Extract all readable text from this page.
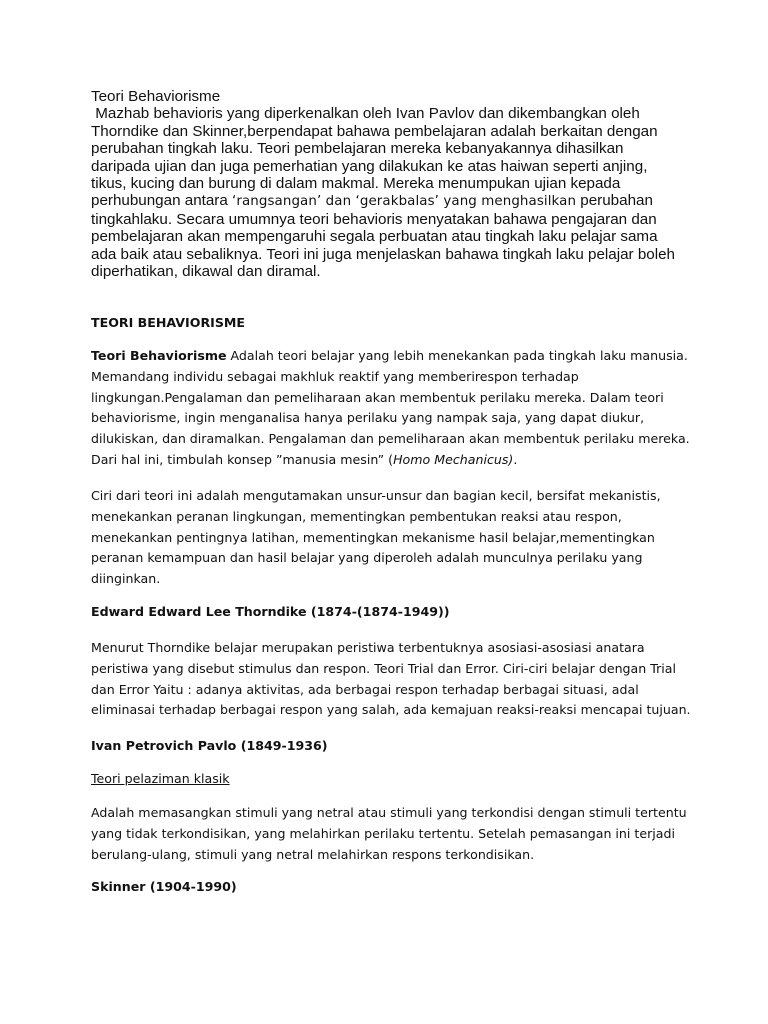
Teori Behaviorisme
Mazhab behavioris yang diperkenalkan oleh Ivan Pavlov dan dikembangkan oleh
Thorndike dan Skinner,berpendapat bahawa pembelajaran adalah berkaitan dengan
perubahan tingkah laku. Teori pembelajaran mereka kebanyakannya dihasilkan
daripada ujian dan juga pemerhatian yang dilakukan ke atas haiwan seperti anjing,
tikus, kucing dan burung di dalam makmal. Mereka menumpukan ujian kepada
perhubungan antara ‘rangsangan’ dan ‘gerakbalas’ yang menghasilkan perubahan
tingkahlaku. Secara umumnya teori behavioris menyatakan bahawa pengajaran dan
pembelajaran akan mempengaruhi segala perbuatan atau tingkah laku pelajar sama
ada baik atau sebaliknya. Teori ini juga menjelaskan bahawa tingkah laku pelajar boleh
diperhatikan, dikawal dan diramal.
TEORI BEHAVIORISME
Teori Behaviorisme Adalah teori belajar yang lebih menekankan pada tingkah laku manusia.
Memandang individu sebagai makhluk reaktif yang memberirespon terhadap
lingkungan.Pengalaman dan pemeliharaan akan membentuk perilaku mereka. Dalam teori
behaviorisme, ingin menganalisa hanya perilaku yang nampak saja, yang dapat diukur,
dilukiskan, dan diramalkan. Pengalaman dan pemeliharaan akan membentuk perilaku mereka.
Dari hal ini, timbulah konsep ”manusia mesin” (Homo Mechanicus).
Ciri dari teori ini adalah mengutamakan unsur-unsur dan bagian kecil, bersifat mekanistis,
menekankan peranan lingkungan, mementingkan pembentukan reaksi atau respon,
menekankan pentingnya latihan, mementingkan mekanisme hasil belajar,mementingkan
peranan kemampuan dan hasil belajar yang diperoleh adalah munculnya perilaku yang
diinginkan.
Edward Edward Lee Thorndike (1874-(1874-1949))
Menurut Thorndike belajar merupakan peristiwa terbentuknya asosiasi-asosiasi anatara
peristiwa yang disebut stimulus dan respon. Teori Trial dan Error. Ciri-ciri belajar dengan Trial
dan Error Yaitu : adanya aktivitas, ada berbagai respon terhadap berbagai situasi, adal
eliminasai terhadap berbagai respon yang salah, ada kemajuan reaksi-reaksi mencapai tujuan.
Ivan Petrovich Pavlo (1849-1936)
Teori pelaziman klasik
Adalah memasangkan stimuli yang netral atau stimuli yang terkondisi dengan stimuli tertentu
yang tidak terkondisikan, yang melahirkan perilaku tertentu. Setelah pemasangan ini terjadi
berulang-ulang, stimuli yang netral melahirkan respons terkondisikan.
Skinner (1904-1990)
